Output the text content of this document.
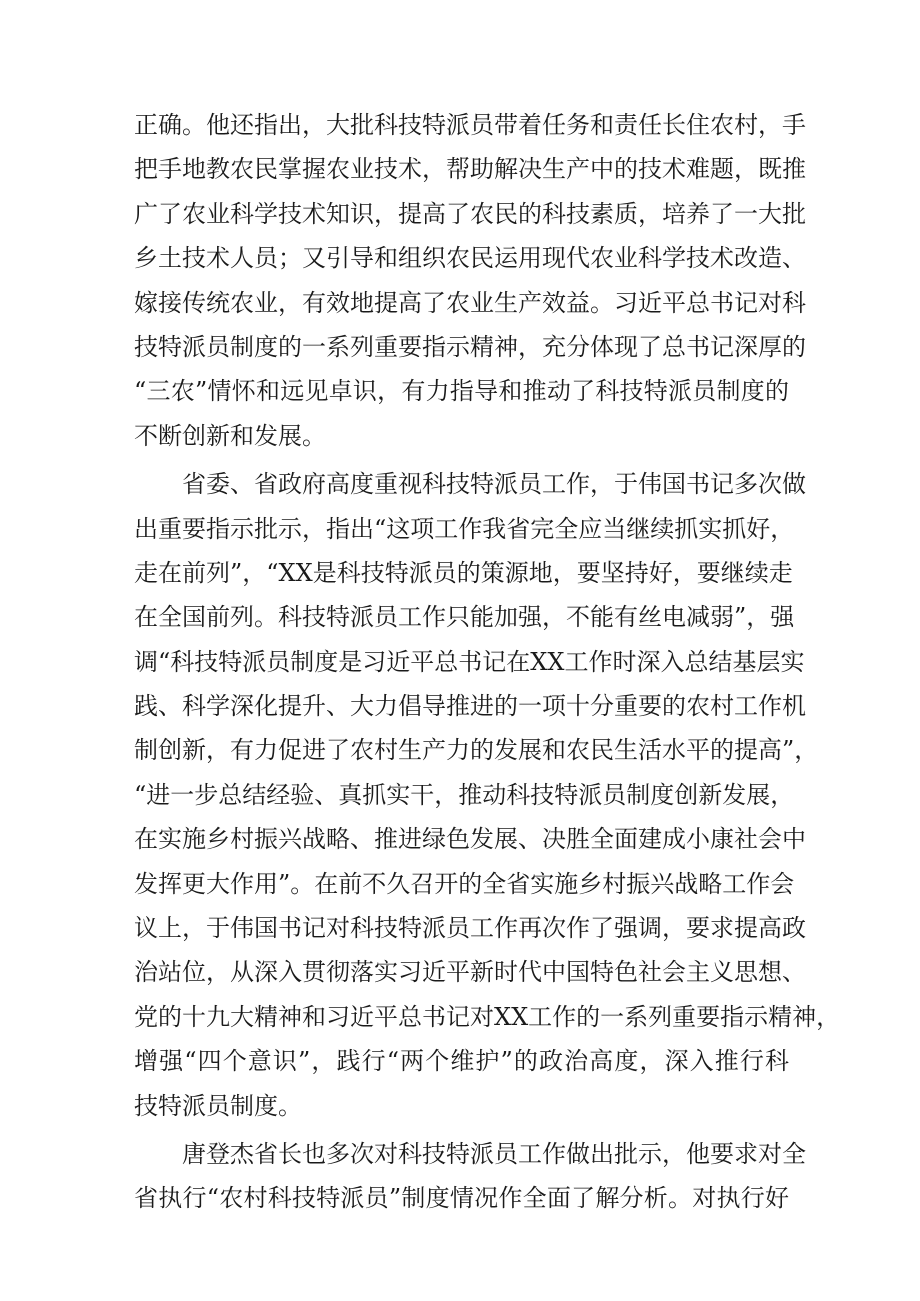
正确。他还指出，大批科技特派员带着任务和责任长住农村，手
把手地教农民掌握农业技术，帮助解决生产中的技术难题，既推
广了农业科学技术知识，提高了农民的科技素质，培养了一大批
乡土技术人员；又引导和组织农民运用现代农业科学技术改造、
嫁接传统农业，有效地提高了农业生产效益。习近平总书记对科
技特派员制度的一系列重要指示精神，充分体现了总书记深厚的
“三农”情怀和远见卓识，有力指导和推动了科技特派员制度的
不断创新和发展。
省委、省政府高度重视科技特派员工作，于伟国书记多次做
出重要指示批示，指出“这项工作我省完全应当继续抓实抓好，
走在前列”，“XX是科技特派员的策源地，要坚持好，要继续走
在全国前列。科技特派员工作只能加强，不能有丝电减弱”，强
调“科技特派员制度是习近平总书记在XX工作时深入总结基层实
践、科学深化提升、大力倡导推进的一项十分重要的农村工作机
制创新，有力促进了农村生产力的发展和农民生活水平的提高”，
“进一步总结经验、真抓实干，推动科技特派员制度创新发展，
在实施乡村振兴战略、推进绿色发展、决胜全面建成小康社会中
发挥更大作用”。在前不久召开的全省实施乡村振兴战略工作会
议上，于伟国书记对科技特派员工作再次作了强调，要求提高政
治站位，从深入贯彻落实习近平新时代中国特色社会主义思想、
党的十九大精神和习近平总书记对XX工作的一系列重要指示精神，
增强“四个意识”，践行“两个维护”的政治高度，深入推行科
技特派员制度。
唐登杰省长也多次对科技特派员工作做出批示，他要求对全
省执行“农村科技特派员”制度情况作全面了解分析。对执行好
